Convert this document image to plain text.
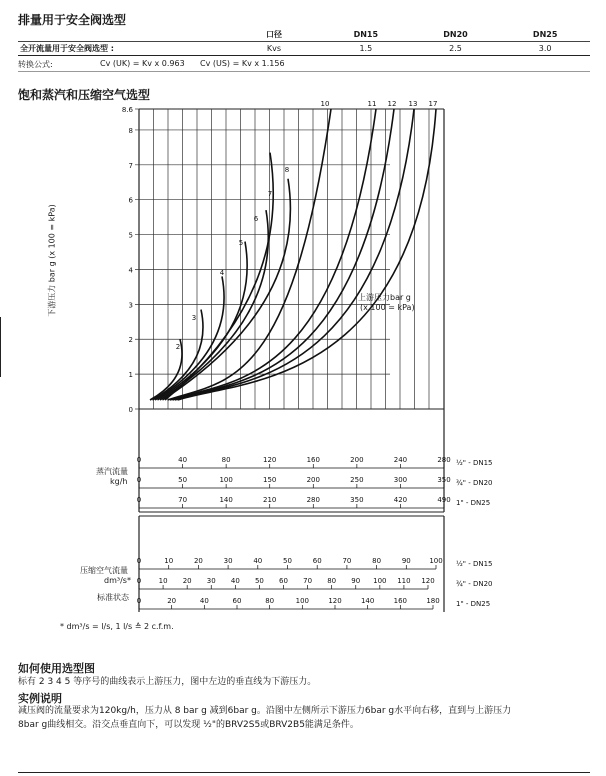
排量用于安全阀选型
	口径	DN15	DN20	DN25
全开流量用于安全阀选型 :	Kvs	1.5	2.5	3.0
转换公式:	Cv (UK) = Kv x 0.963 Cv (US) = Kv x 1.156
饱和蒸汽和压缩空气选型
0
1
2
3
4
5
6
7
8
8.6
2
3
4
5
6
7
8
10	11 12 13 17
0	40	80	120	160	200	240	280 ½" - DN15
0	50	100	150	200	250	300	350 ¾" - DN20
0	70	140	210	280	350	420	490 1" - DN25
0	10	20	30	40	50	60	70	80	90	100 ½" - DN15
0 10 20 30 40 50 60 70 80 90 100 110 120	¾" - DN20
0	20	40	60	80	100	120	140	160	180 1" - DN25
下游压力 bar g (x 100 = kPa)	上游压力bar g
(x 100 = kPa)
蒸汽流量
kg/h
压缩空气流量
dm³/s*
标准状态
* dm³/s = l/s, 1 l/s ≙ 2 c.f.m.
如何使用选型图
标有 2 3 4 5 等序号的曲线表示上游压力，图中左边的垂直线为下游压力。
实例说明
减压阀的流量要求为120kg/h，压力从 8 bar g 减到6bar g。沿图中左侧所示下游压力6bar g水平向右移，直到与上游压力
8bar g曲线相交。沿交点垂直向下，可以发现 ½"的BRV2S5或BRV2B5能满足条件。
